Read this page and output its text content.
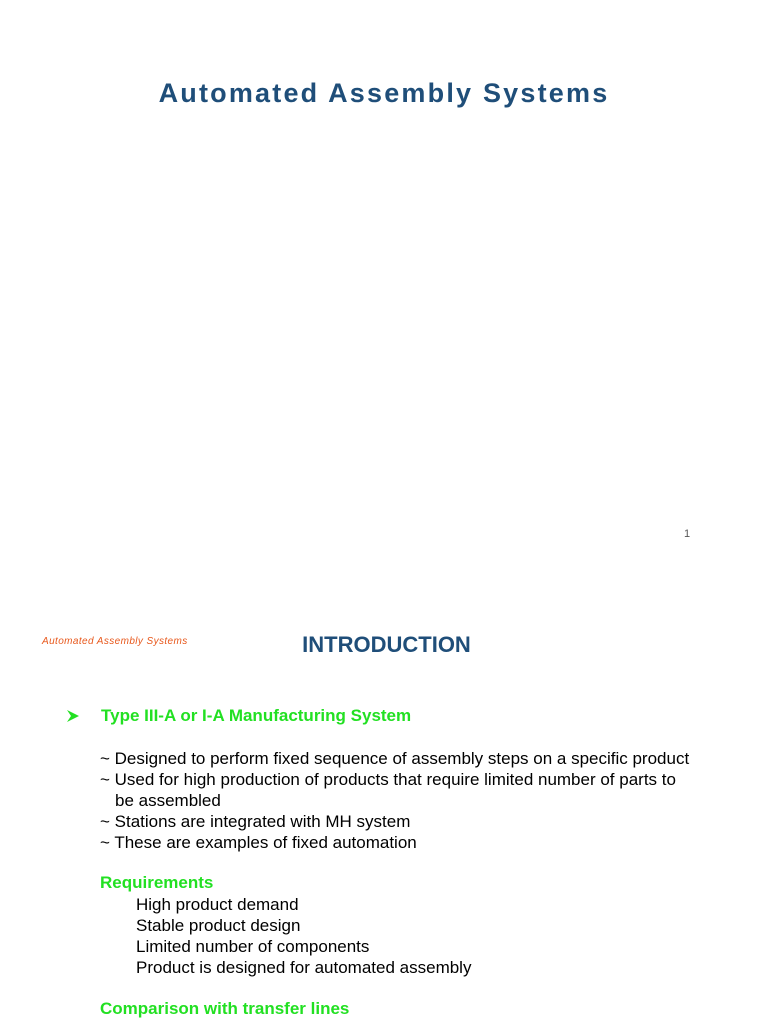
Automated Assembly Systems
1
Automated Assembly Systems	INTRODUCTION
Type III-A or I-A Manufacturing System
~ Designed to perform fixed sequence of assembly steps on a specific product
~ Used for high production of products that require limited number of parts to
be assembled
~ Stations are integrated with MH system
~ These are examples of fixed automation
Requirements
High product demand
Stable product design
Limited number of components
Product is designed for automated assembly
Comparison with transfer lines
